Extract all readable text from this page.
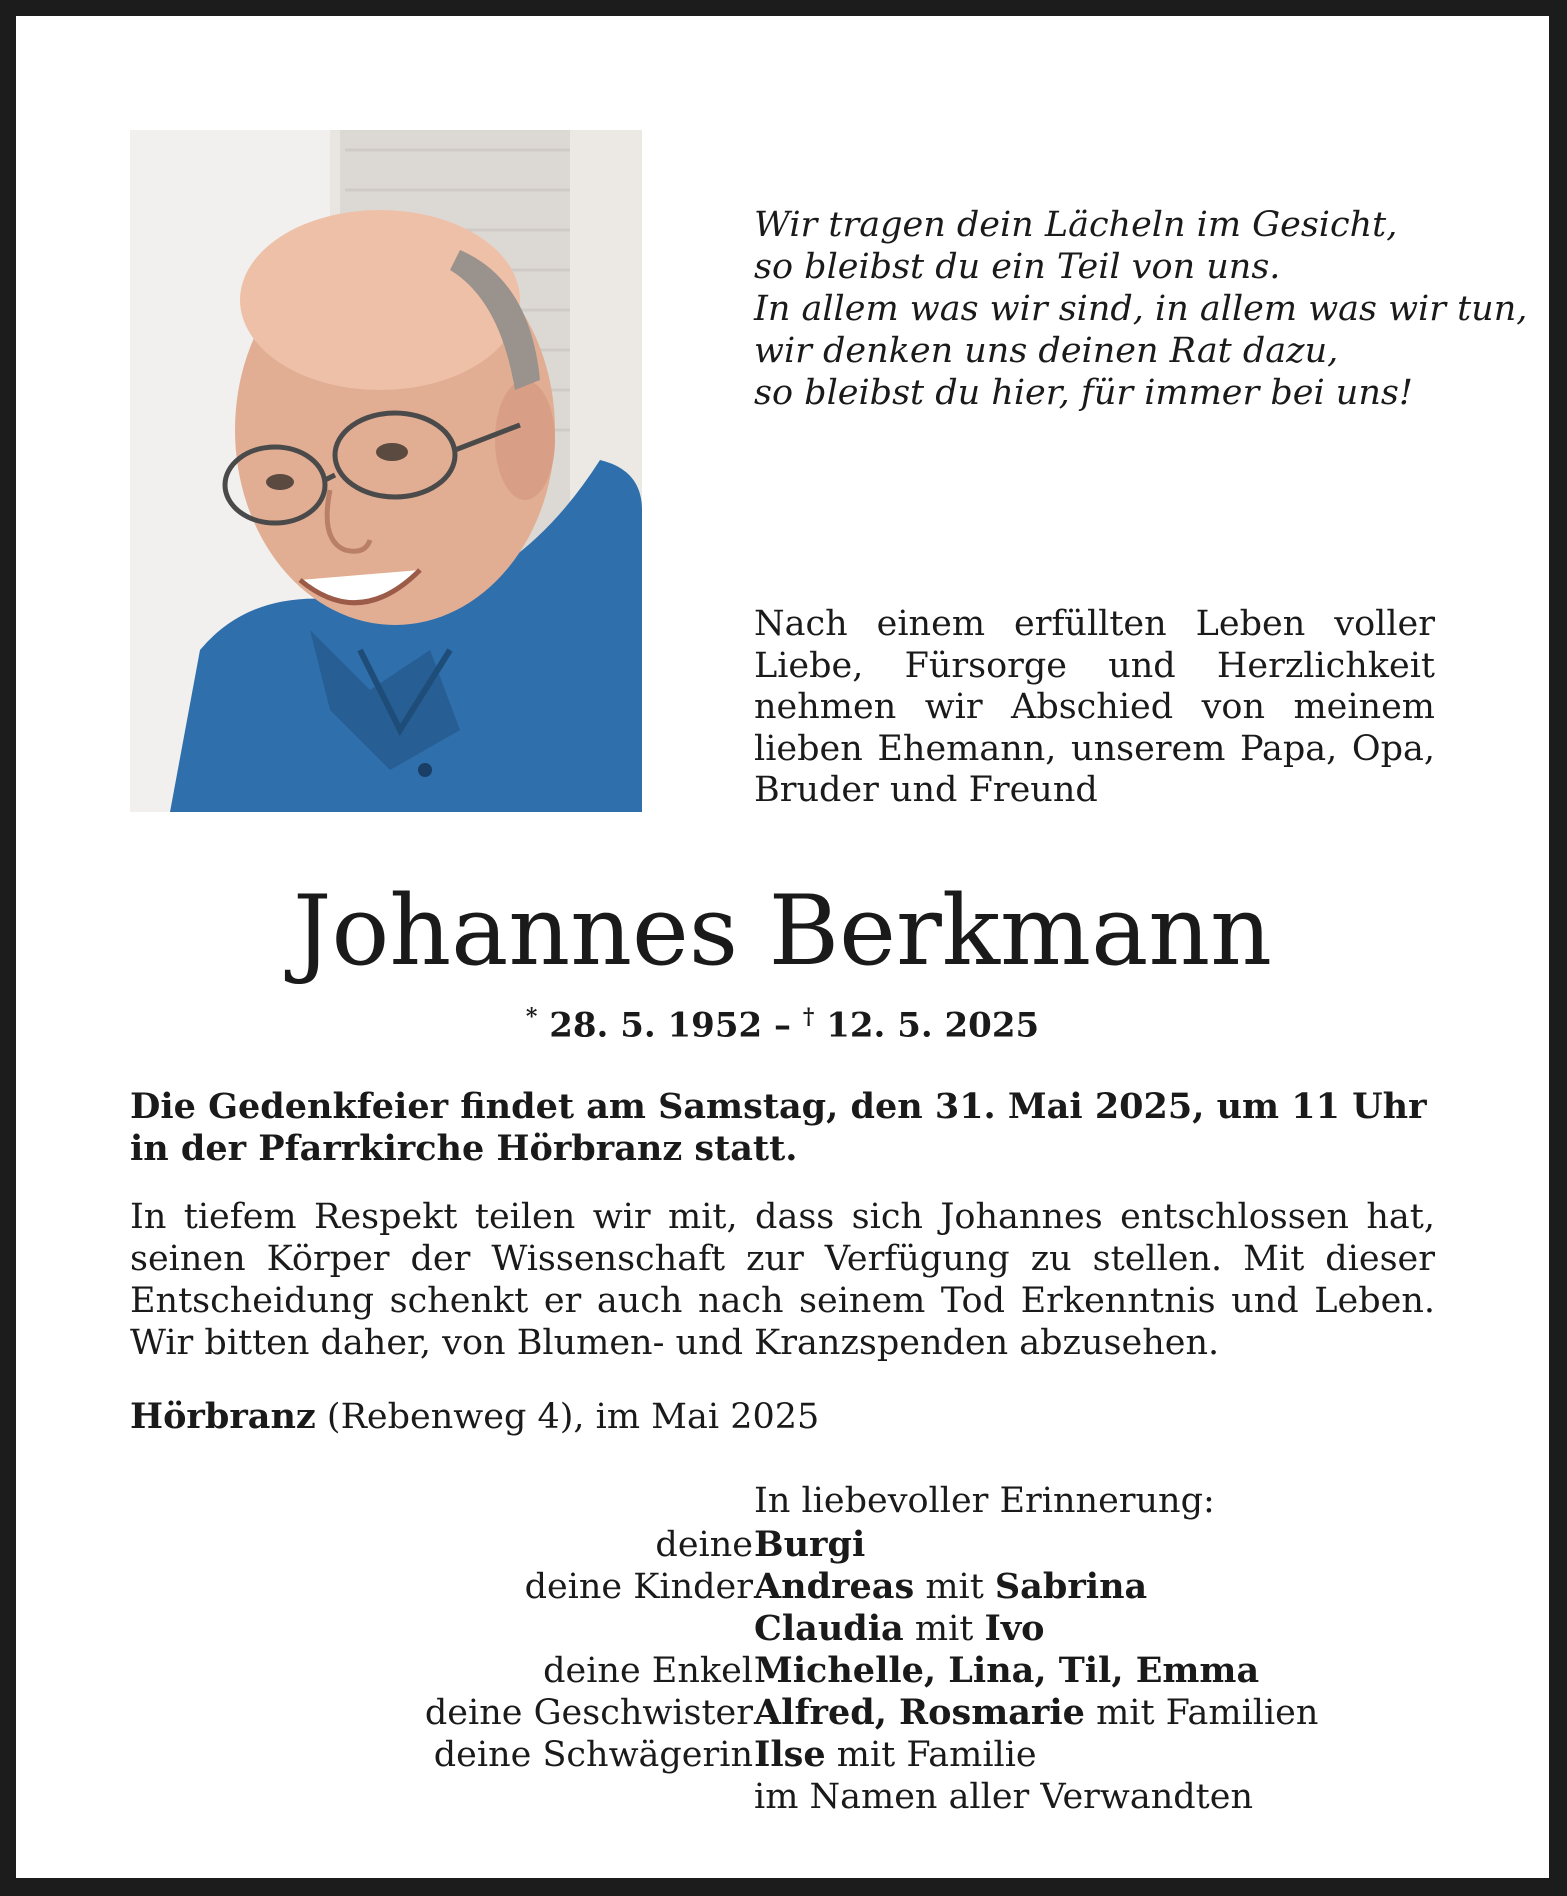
Wir tragen dein Lächeln im Gesicht,
so bleibst du ein Teil von uns.
In allem was wir sind, in allem was wir tun,
wir denken uns deinen Rat dazu,
so bleibst du hier, für immer bei uns!
Nach einem erfüllten Leben voller Liebe, Fürsorge und Herzlichkeit nehmen wir Abschied von meinem lieben Ehemann, unserem Papa, Opa, Bruder und Freund
Johannes Berkmann
* 28. 5. 1952 – † 12. 5. 2025
Die Gedenkfeier findet am Samstag, den 31. Mai 2025, um 11 Uhr in der Pfarrkirche Hörbranz statt.
In tiefem Respekt teilen wir mit, dass sich Johannes entschlossen hat, seinen Körper der Wissenschaft zur Verfügung zu stellen. Mit dieser Entscheidung schenkt er auch nach seinem Tod Erkenntnis und Leben. Wir bitten daher, von Blumen- und Kranzspenden abzusehen.
Hörbranz (Rebenweg 4), im Mai 2025
In liebevoller Erinnerung:
deine Burgi
deine Kinder Andreas mit Sabrina
Claudia mit Ivo
deine Enkel Michelle, Lina, Til, Emma
deine Geschwister Alfred, Rosmarie mit Familien
deine Schwägerin Ilse mit Familie
im Namen aller Verwandten
